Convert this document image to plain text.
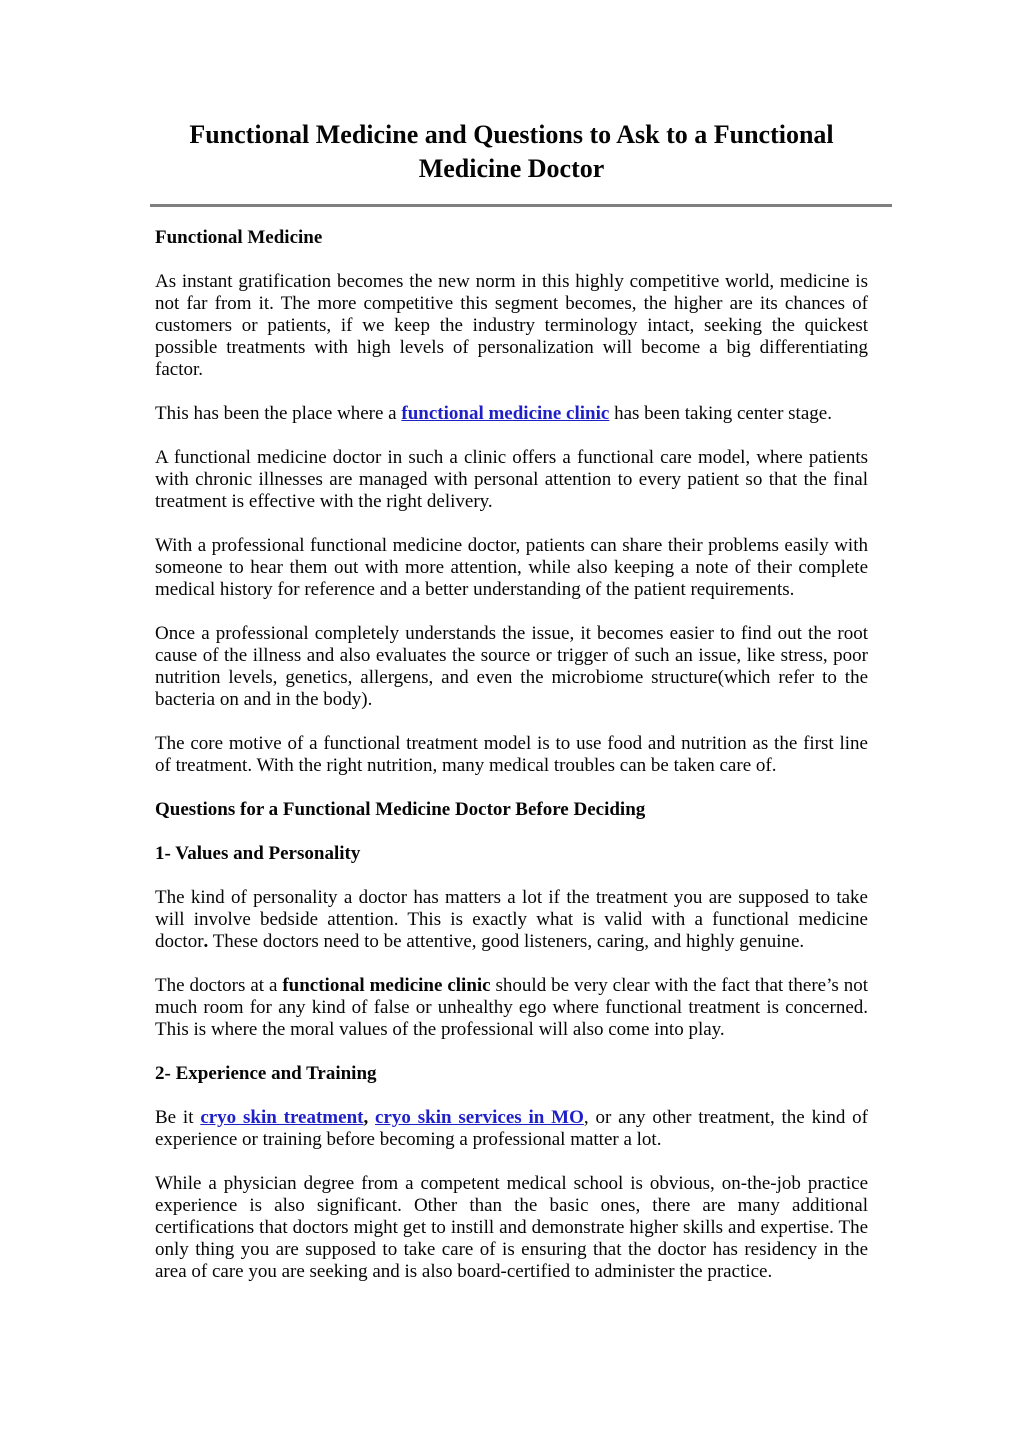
Functional Medicine and Questions to Ask to a Functional Medicine Doctor
Functional Medicine

As instant gratification becomes the new norm in this highly competitive world, medicine is not far from it. The more competitive this segment becomes, the higher are its chances of customers or patients, if we keep the industry terminology intact, seeking the quickest possible treatments with high levels of personalization will become a big differentiating factor.

This has been the place where a functional medicine clinic has been taking center stage.

A functional medicine doctor in such a clinic offers a functional care model, where patients with chronic illnesses are managed with personal attention to every patient so that the final treatment is effective with the right delivery.

With a professional functional medicine doctor, patients can share their problems easily with someone to hear them out with more attention, while also keeping a note of their complete medical history for reference and a better understanding of the patient requirements.

Once a professional completely understands the issue, it becomes easier to find out the root cause of the illness and also evaluates the source or trigger of such an issue, like stress, poor nutrition levels, genetics, allergens, and even the microbiome structure(which refer to the bacteria on and in the body).

The core motive of a functional treatment model is to use food and nutrition as the first line of treatment. With the right nutrition, many medical troubles can be taken care of.

Questions for a Functional Medicine Doctor Before Deciding
1- Values and Personality

The kind of personality a doctor has matters a lot if the treatment you are supposed to take will involve bedside attention. This is exactly what is valid with a functional medicine doctor. These doctors need to be attentive, good listeners, caring, and highly genuine.

The doctors at a functional medicine clinic should be very clear with the fact that there’s not much room for any kind of false or unhealthy ego where functional treatment is concerned. This is where the moral values of the professional will also come into play.

2- Experience and Training

Be it cryo skin treatment, cryo skin services in MO, or any other treatment, the kind of experience or training before becoming a professional matter a lot.

While a physician degree from a competent medical school is obvious, on-the-job practice experience is also significant. Other than the basic ones, there are many additional certifications that doctors might get to instill and demonstrate higher skills and expertise. The only thing you are supposed to take care of is ensuring that the doctor has residency in the area of care you are seeking and is also board-certified to administer the practice.
